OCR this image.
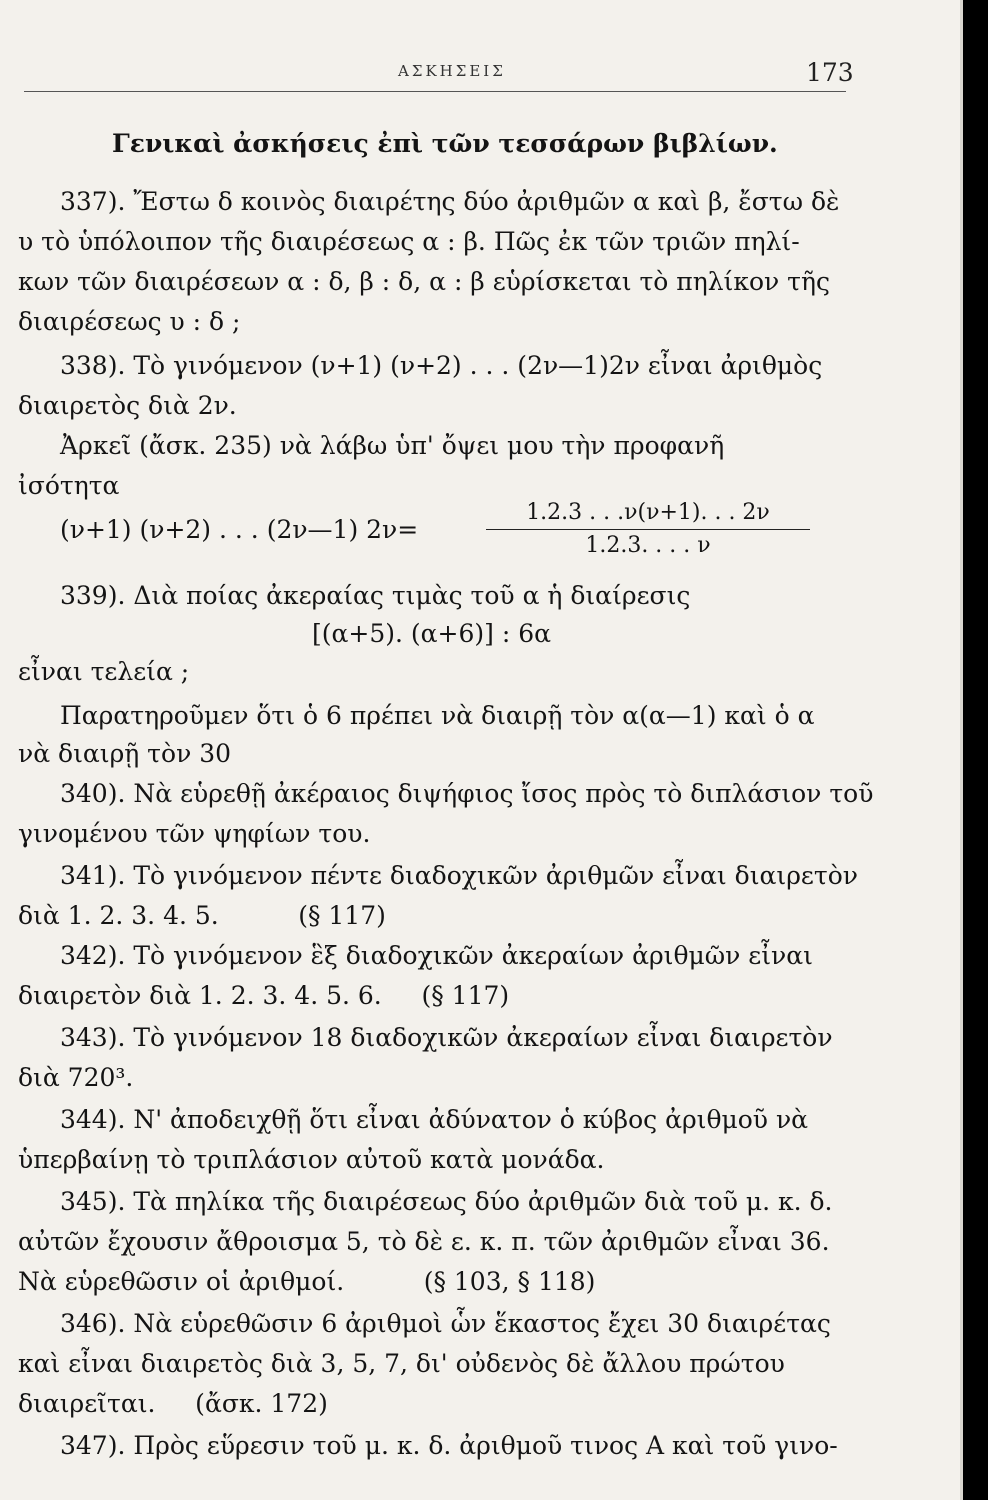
ΑΣΚΗΣΕΙΣ	173
Γενικαὶ ἀσκήσεις ἐπὶ τῶν τεσσάρων βιβλίων.
337). Ἔστω δ κοινὸς διαιρέτης δύο ἀριθμῶν α καὶ β, ἔστω δὲ
υ τὸ ὑπόλοιπον τῆς διαιρέσεως α : β. Πῶς ἐκ τῶν τριῶν πηλί-
κων τῶν διαιρέσεων α : δ, β : δ, α : β εὑρίσκεται τὸ πηλίκον τῆς
διαιρέσεως υ : δ ;
338). Τὸ γινόμενον (ν+1) (ν+2) . . . (2ν—1)2ν εἶναι ἀριθμὸς
διαιρετὸς διὰ 2ν.
Ἀρκεῖ (ἄσκ. 235) νὰ λάβω ὑπ' ὄψει μου τὴν προφανῆ
ἰσότητα
(ν+1) (ν+2) . . . (2ν—1) 2ν=
1.2.3 . . .ν(ν+1). . . 2ν
1.2.3. . . . ν
339). Διὰ ποίας ἀκεραίας τιμὰς τοῦ α ἡ διαίρεσις
[(α+5). (α+6)] : 6α
εἶναι τελεία ;
Παρατηροῦμεν ὅτι ὁ 6 πρέπει νὰ διαιρῇ τὸν α(α—1) καὶ ὁ α
νὰ διαιρῇ τὸν 30
340). Νὰ εὑρεθῇ ἀκέραιος διψήφιος ἴσος πρὸς τὸ διπλάσιον τοῦ
γινομένου τῶν ψηφίων του.
341). Τὸ γινόμενον πέντε διαδοχικῶν ἀριθμῶν εἶναι διαιρετὸν
διὰ 1. 2. 3. 4. 5.          (§ 117)
342). Τὸ γινόμενον ἓξ διαδοχικῶν ἀκεραίων ἀριθμῶν εἶναι
διαιρετὸν διὰ 1. 2. 3. 4. 5. 6.     (§ 117)
343). Τὸ γινόμενον 18 διαδοχικῶν ἀκεραίων εἶναι διαιρετὸν
διὰ 720³.
344). Ν' ἀποδειχθῇ ὅτι εἶναι ἀδύνατον ὁ κύβος ἀριθμοῦ νὰ
ὑπερβαίνῃ τὸ τριπλάσιον αὐτοῦ κατὰ μονάδα.
345). Τὰ πηλίκα τῆς διαιρέσεως δύο ἀριθμῶν διὰ τοῦ μ. κ. δ.
αὐτῶν ἔχουσιν ἄθροισμα 5, τὸ δὲ ε. κ. π. τῶν ἀριθμῶν εἶναι 36.
Νὰ εὑρεθῶσιν οἱ ἀριθμοί.          (§ 103, § 118)
346). Νὰ εὑρεθῶσιν 6 ἀριθμοὶ ὧν ἕκαστος ἔχει 30 διαιρέτας
καὶ εἶναι διαιρετὸς διὰ 3, 5, 7, δι' οὐδενὸς δὲ ἄλλου πρώτου
διαιρεῖται.     (ἄσκ. 172)
347). Πρὸς εὕρεσιν τοῦ μ. κ. δ. ἀριθμοῦ τινος Α καὶ τοῦ γινο-
